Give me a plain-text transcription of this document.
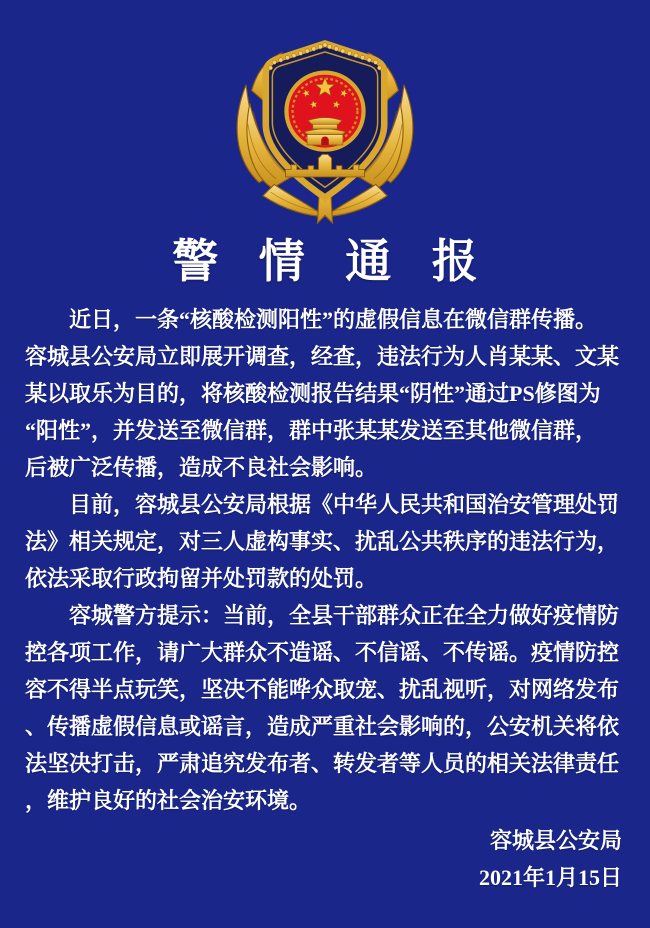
警情通报
近日，一条“核酸检测阳性”的虚假信息在微信群传播。
容城县公安局立即展开调查，经查，违法行为人肖某某、文某
某以取乐为目的，将核酸检测报告结果“阴性”通过PS修图为
“阳性”，并发送至微信群，群中张某某发送至其他微信群，
后被广泛传播，造成不良社会影响。
目前，容城县公安局根据《中华人民共和国治安管理处罚
法》相关规定，对三人虚构事实、扰乱公共秩序的违法行为，
依法采取行政拘留并处罚款的处罚。
容城警方提示：当前，全县干部群众正在全力做好疫情防
控各项工作，请广大群众不造谣、不信谣、不传谣。疫情防控
容不得半点玩笑，坚决不能哗众取宠、扰乱视听，对网络发布
、传播虚假信息或谣言，造成严重社会影响的，公安机关将依
法坚决打击，严肃追究发布者、转发者等人员的相关法律责任
，维护良好的社会治安环境。
容城县公安局
2021年1月15日
